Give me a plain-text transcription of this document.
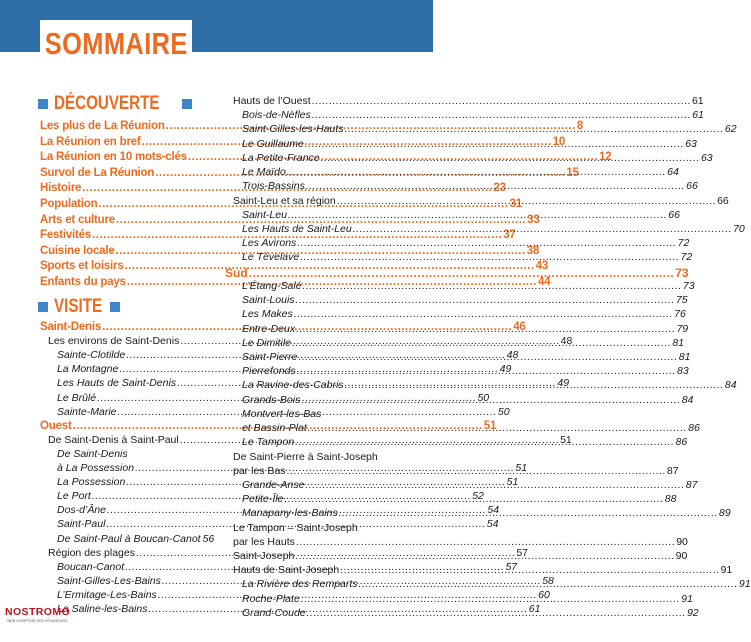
SOMMAIRE
DÉCOUVERTE
Les plus de La Réunion .....	8
La Réunion en bref .....	10
La Réunion en 10 mots-clés .....	12
Survol de La Réunion .....	15
Histoire .....	23
Population .....	31
Arts et culture .....	33
Festivités .....	37
Cuisine locale .....	38
Sports et loisirs .....	43
Enfants du pays .....	44
VISITE
Saint-Denis .....	46
Les environs de Saint-Denis .....	48
Sainte-Clotilde .....	48
La Montagne .....	49
Les Hauts de Saint-Denis .....	49
Le Brûlé .....	50
Sainte-Marie .....	50
Ouest .....	51
De Saint-Denis à Saint-Paul .....	51
De Saint-Denis
à La Possession .....	51
La Possession .....	51
Le Port .....	52
Dos-d’Âne .....	54
Saint-Paul .....	54
De Saint-Paul à Boucan-Canot 56
Région des plages .....	57
Boucan-Canot .....	57
Saint-Gilles-Les-Bains .....	58
L’Ermitage-Les-Bains .....	60
La Saline-les-Bains .....	61
Hauts de l’Ouest .....	61
Bois-de-Nèfles .....	61
Saint-Gilles-les-Hauts .....	62
Le Guillaume .....	63
La Petite-France .....	63
Le Maïdo .....	64
Trois-Bassins .....	66
Saint-Leu et sa région .....	66
Saint-Leu .....	66
Les Hauts de Saint-Leu .....	70
Les Avirons .....	72
Le Tévelave .....	72
Sud .....	73
L’Étang-Salé .....	73
Saint-Louis .....	75
Les Makes .....	76
Entre-Deux .....	79
Le Dimitile .....	81
Saint-Pierre .....	81
Pierrefonds .....	83
La Ravine-des-Cabris .....	84
Grands-Bois .....	84
Montvert-les-Bas
et Bassin-Plat .....	86
Le Tampon .....	86
De Saint-Pierre à Saint-Joseph
par les Bas .....	87
Grande-Anse .....	87
Petite-Île .....	88
Manapany-les-Bains .....	89
Le Tampon – Saint-Joseph
par les Hauts .....	90
Saint-Joseph .....	90
Hauts de Saint-Joseph .....	91
La Rivière des Remparts .....	91
Roche-Plate .....	91
Grand-Coude .....	92
NOSTROMO
WEB COMPTOIR DES VOYAGEURS
